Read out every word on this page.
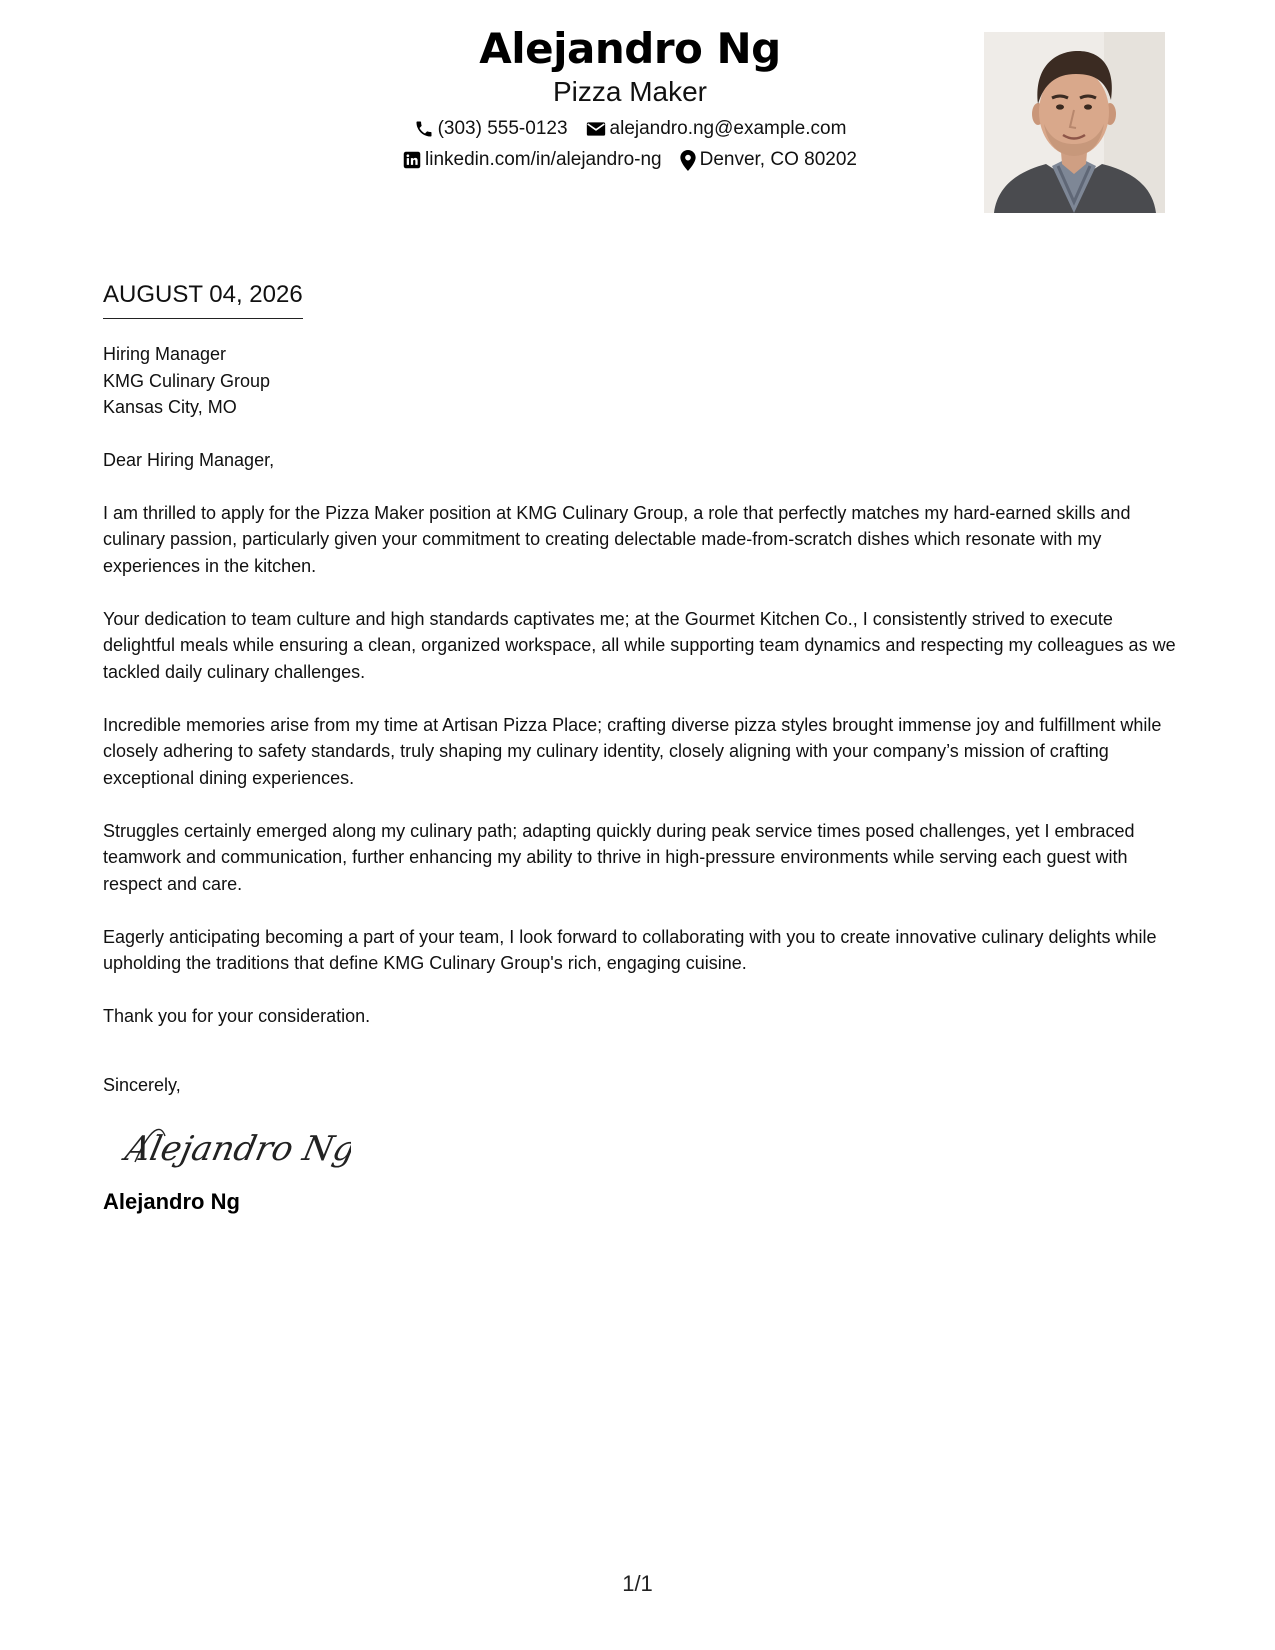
Alejandro Ng
Pizza Maker
(303) 555-0123 alejandro.ng@example.com
linkedin.com/in/alejandro-ng Denver, CO 80202
AUGUST 04, 2026
Hiring Manager
KMG Culinary Group
Kansas City, MO

Dear Hiring Manager,

I am thrilled to apply for the Pizza Maker position at KMG Culinary Group, a role that perfectly matches my hard-earned skills and culinary passion, particularly given your commitment to creating delectable made-from-scratch dishes which resonate with my experiences in the kitchen.

Your dedication to team culture and high standards captivates me; at the Gourmet Kitchen Co., I consistently strived to execute delightful meals while ensuring a clean, organized workspace, all while supporting team dynamics and respecting my colleagues as we tackled daily culinary challenges.

Incredible memories arise from my time at Artisan Pizza Place; crafting diverse pizza styles brought immense joy and fulfillment while closely adhering to safety standards, truly shaping my culinary identity, closely aligning with your company’s mission of crafting exceptional dining experiences.

Struggles certainly emerged along my culinary path; adapting quickly during peak service times posed challenges, yet I embraced teamwork and communication, further enhancing my ability to thrive in high-pressure environments while serving each guest with respect and care.

Eagerly anticipating becoming a part of your team, I look forward to collaborating with you to create innovative culinary delights while upholding the traditions that define KMG Culinary Group's rich, engaging cuisine.

Thank you for your consideration.

Sincerely,
Alejandro Ng
Alejandro Ng
1/1
